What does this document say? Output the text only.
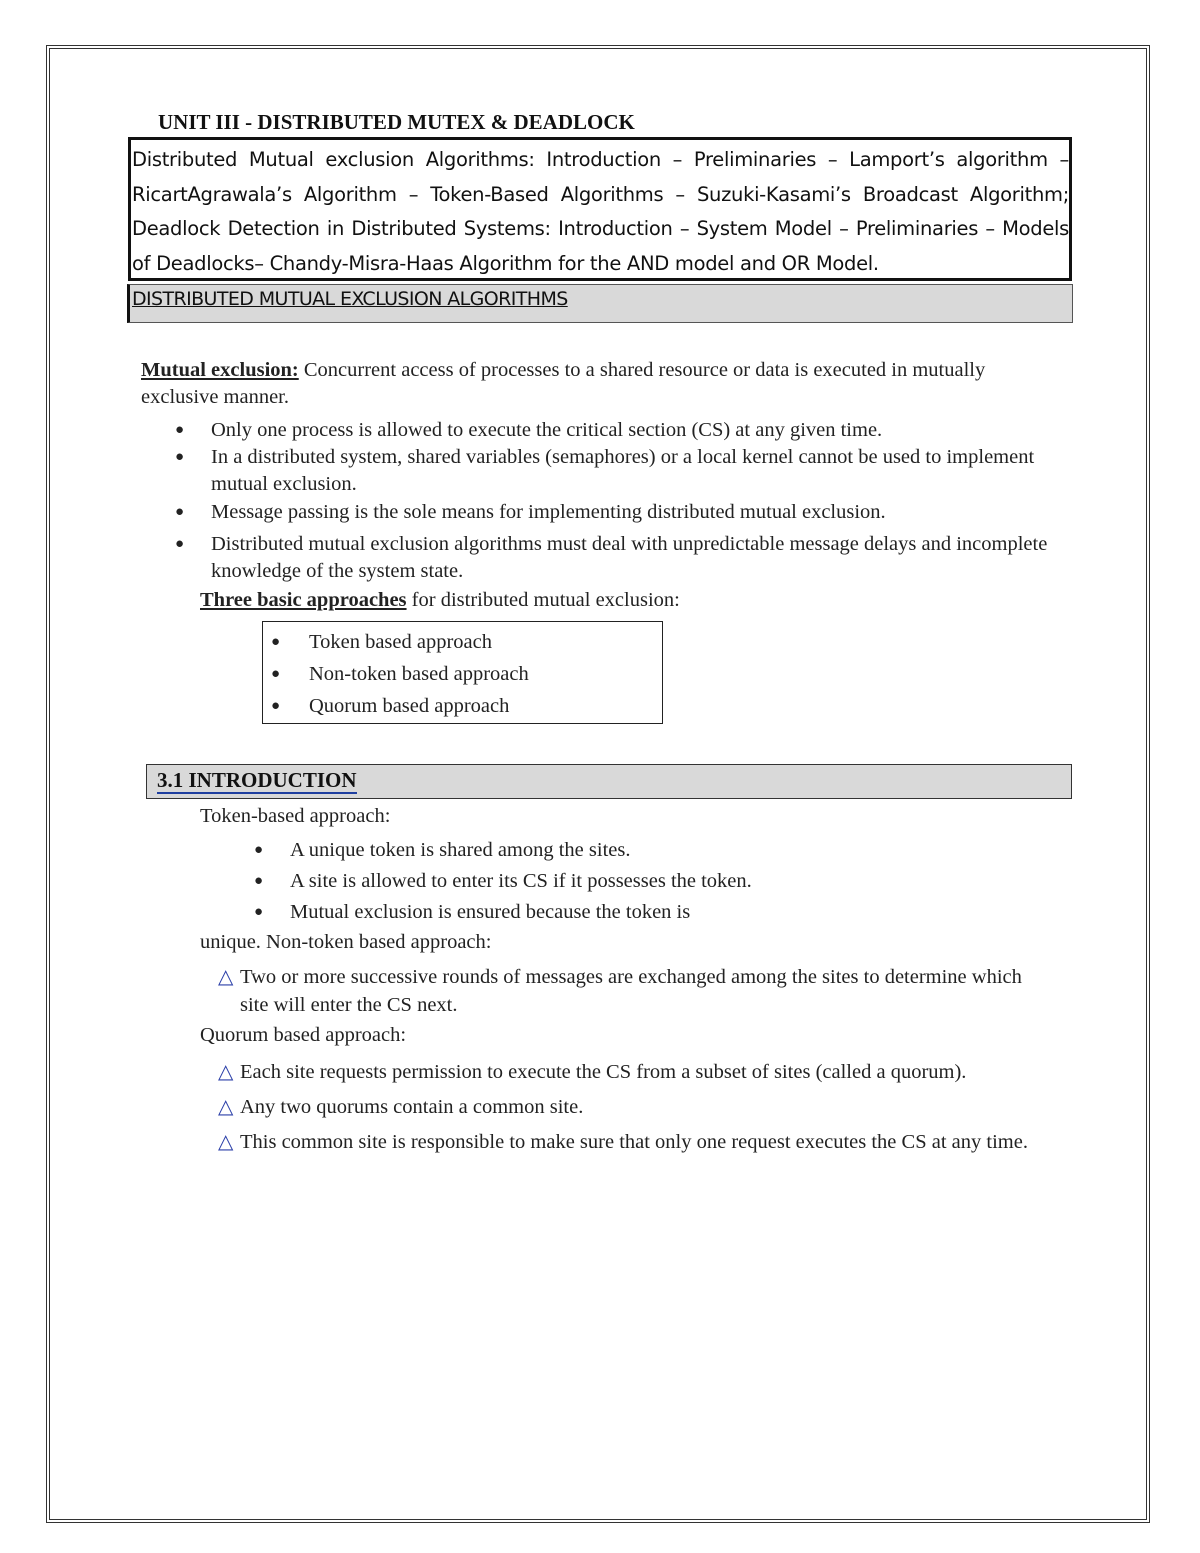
UNIT III - DISTRIBUTED MUTEX & DEADLOCK
Distributed Mutual exclusion Algorithms: Introduction – Preliminaries – Lamport’s algorithm – RicartAgrawala’s Algorithm – Token-Based Algorithms – Suzuki-Kasami’s Broadcast Algorithm; Deadlock Detection in Distributed Systems: Introduction – System Model – Preliminaries – Models of Deadlocks– Chandy-Misra-Haas Algorithm for the AND model and OR Model.
DISTRIBUTED MUTUAL EXCLUSION ALGORITHMS
Mutual exclusion: Concurrent access of processes to a shared resource or data is executed in mutually exclusive manner.
● Only one process is allowed to execute the critical section (CS) at any given time.
● In a distributed system, shared variables (semaphores) or a local kernel cannot be used to implement mutual exclusion.
● Message passing is the sole means for implementing distributed mutual exclusion.
● Distributed mutual exclusion algorithms must deal with unpredictable message delays and incomplete knowledge of the system state.
Three basic approaches for distributed mutual exclusion:
● Token based approach
● Non-token based approach
● Quorum based approach
3.1 INTRODUCTION
Token-based approach:
● A unique token is shared among the sites.
● A site is allowed to enter its CS if it possesses the token.
● Mutual exclusion is ensured because the token is
unique. Non-token based approach:
△ Two or more successive rounds of messages are exchanged among the sites to determine which site will enter the CS next.
Quorum based approach:
△ Each site requests permission to execute the CS from a subset of sites (called a quorum).
△ Any two quorums contain a common site.
△ This common site is responsible to make sure that only one request executes the CS at any time.
